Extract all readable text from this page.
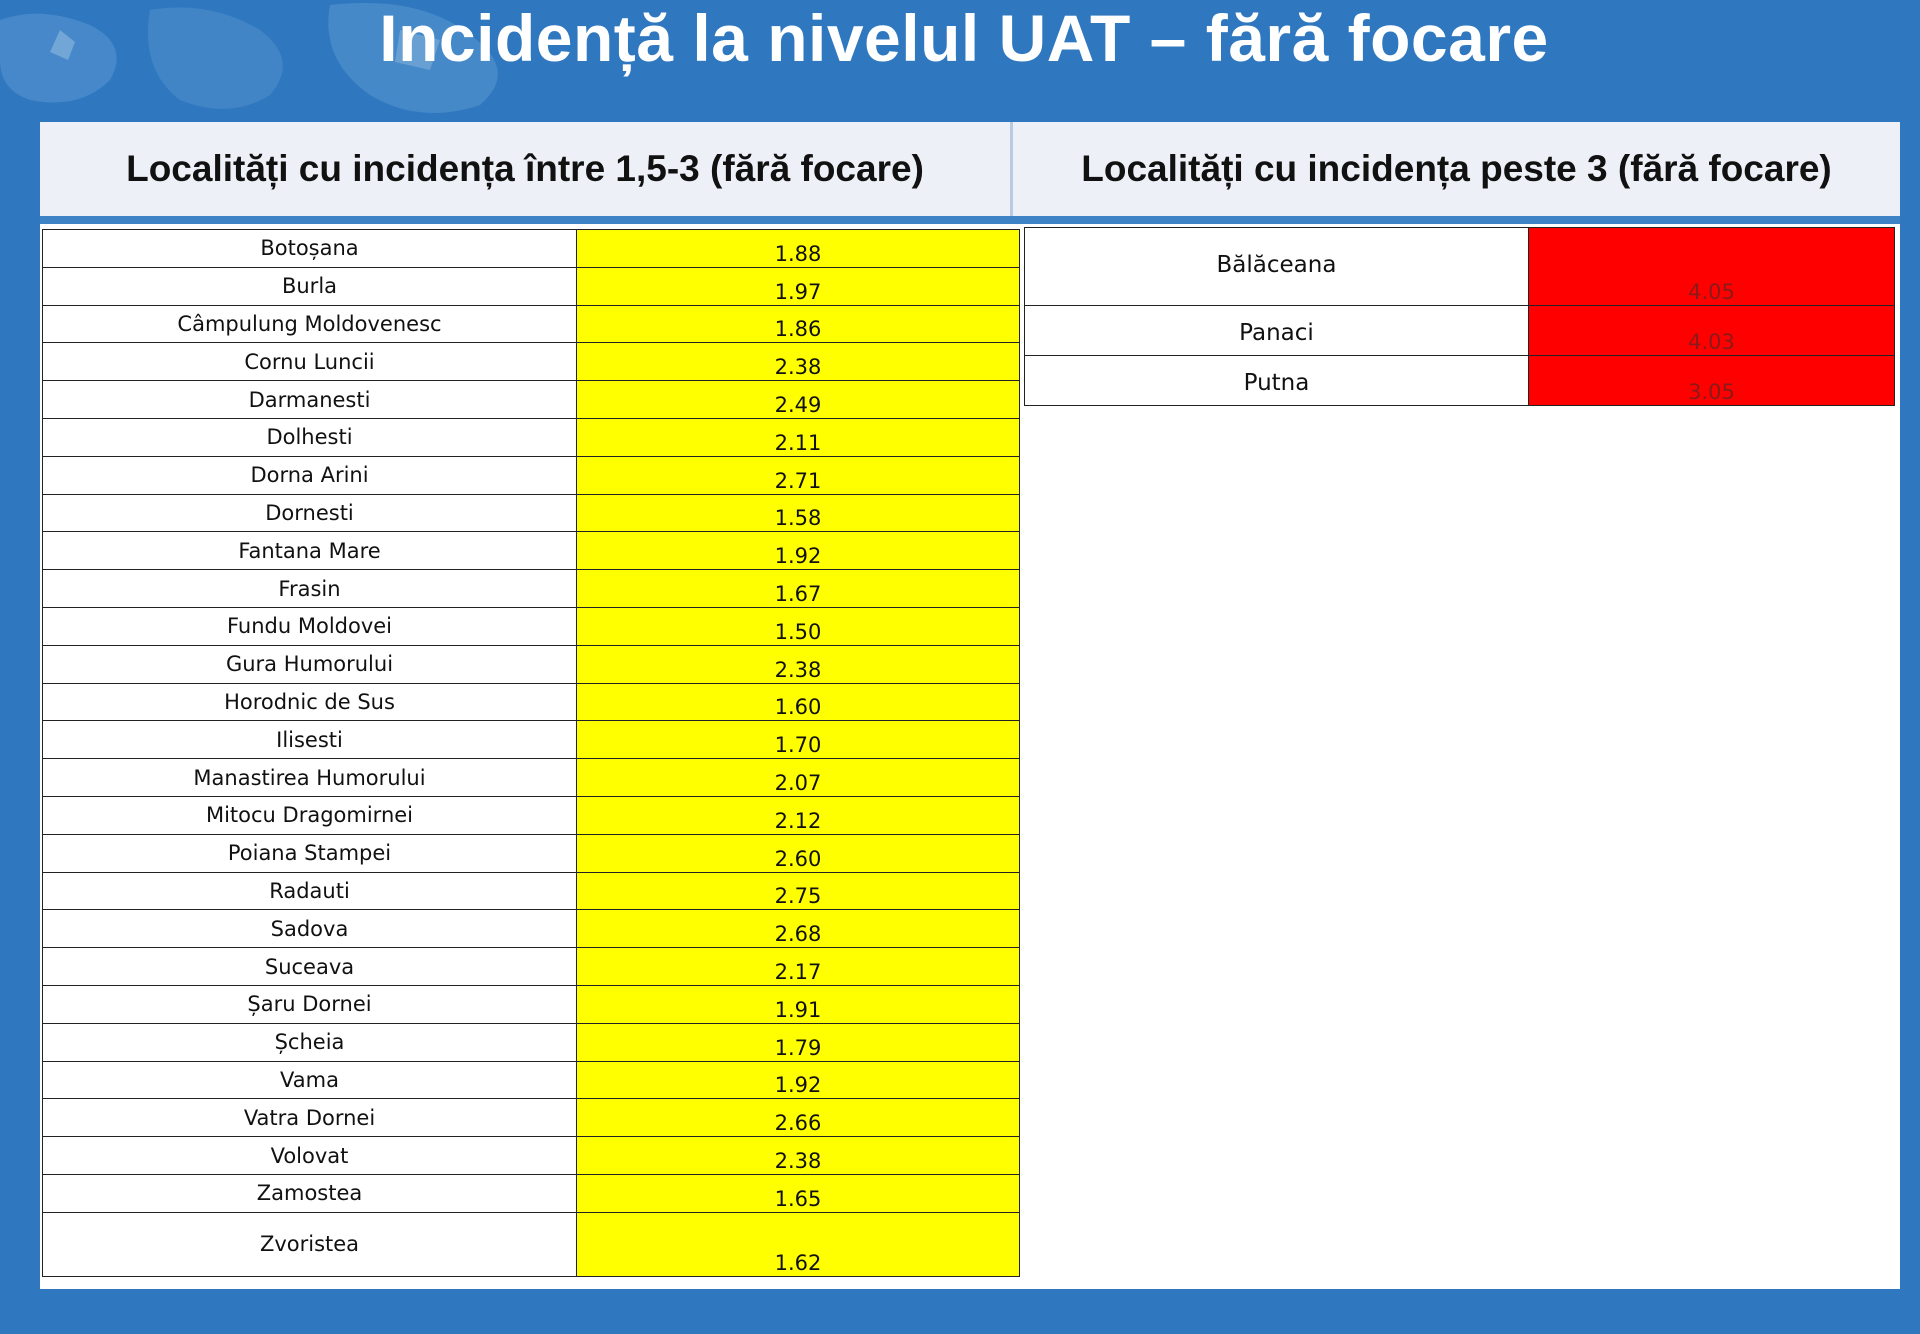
Incidență la nivelul UAT – fără focare
Localități cu incidența între 1,5-3 (fără focare)	Localități cu incidența peste 3 (fără focare)
Botoșana	1.88
Burla	1.97
Câmpulung Moldovenesc	1.86
Cornu Luncii	2.38
Darmanesti	2.49
Dolhesti	2.11
Dorna Arini	2.71
Dornesti	1.58
Fantana Mare	1.92
Frasin	1.67
Fundu Moldovei	1.50
Gura Humorului	2.38
Horodnic de Sus	1.60
Ilisesti	1.70
Manastirea Humorului	2.07
Mitocu Dragomirnei	2.12
Poiana Stampei	2.60
Radauti	2.75
Sadova	2.68
Suceava	2.17
Șaru Dornei	1.91
Șcheia	1.79
Vama	1.92
Vatra Dornei	2.66
Volovat	2.38
Zamostea	1.65
Zvoristea	1.62
Bălăceana	4.05
Panaci	4.03
Putna	3.05
